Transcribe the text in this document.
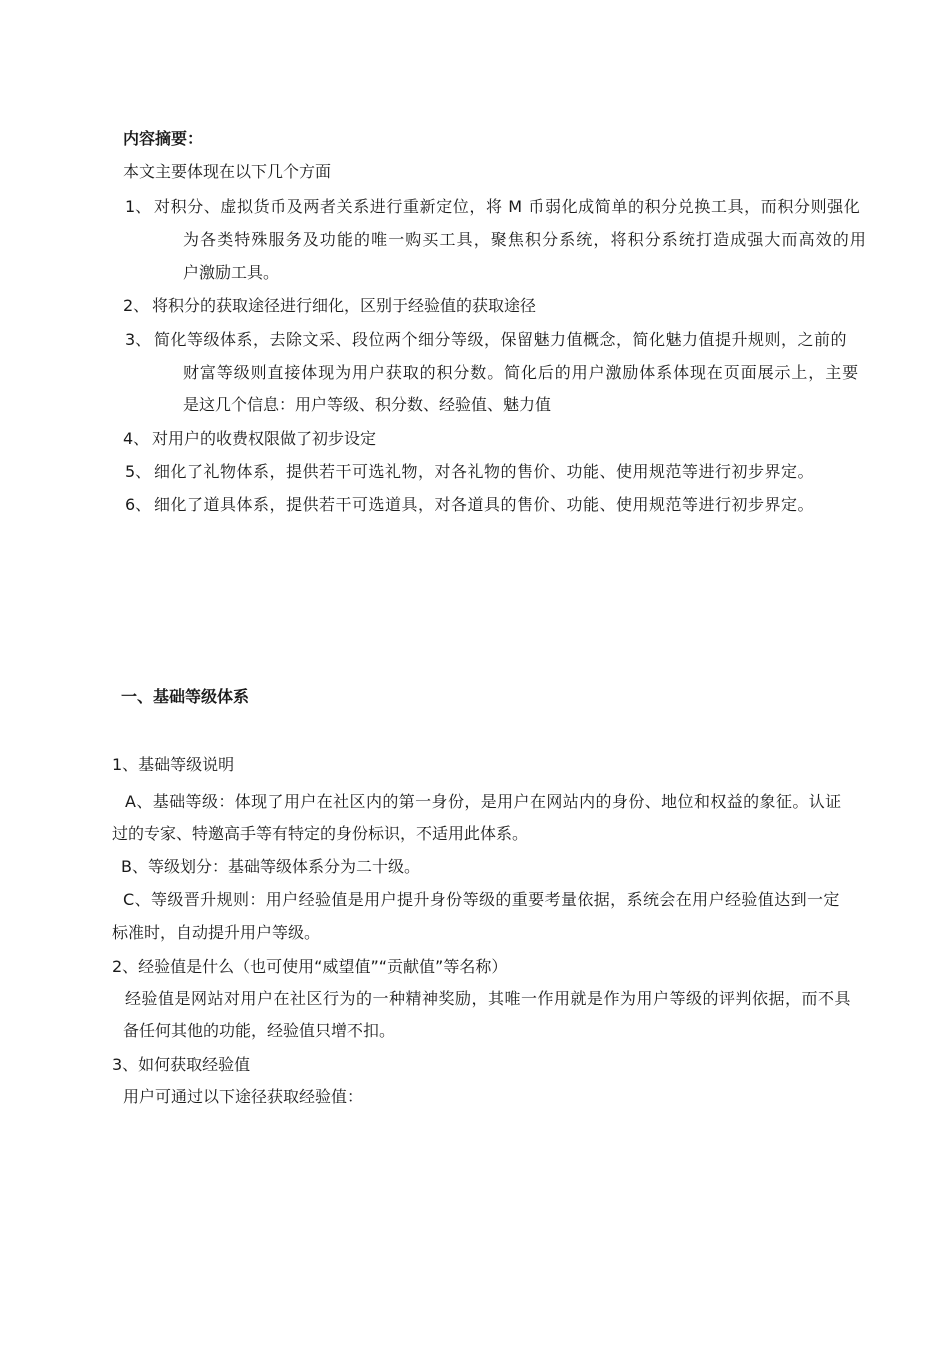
内容摘要：
本文主要体现在以下几个方面
1、 对积分、虚拟货币及两者关系进行重新定位，将 M 币弱化成简单的积分兑换工具，而积分则强化
为各类特殊服务及功能的唯一购买工具，聚焦积分系统，将积分系统打造成强大而高效的用
户激励工具。
2、 将积分的获取途径进行细化，区别于经验值的获取途径
3、 简化等级体系，去除文采、段位两个细分等级，保留魅力值概念，简化魅力值提升规则，之前的
财富等级则直接体现为用户获取的积分数。简化后的用户激励体系体现在页面展示上，主要
是这几个信息：用户等级、积分数、经验值、魅力值
4、 对用户的收费权限做了初步设定
5、 细化了礼物体系，提供若干可选礼物，对各礼物的售价、功能、使用规范等进行初步界定。
6、 细化了道具体系，提供若干可选道具，对各道具的售价、功能、使用规范等进行初步界定。
一、基础等级体系
1、基础等级说明
A、基础等级：体现了用户在社区内的第一身份，是用户在网站内的身份、地位和权益的象征。认证
过的专家、特邀高手等有特定的身份标识，不适用此体系。
B、等级划分：基础等级体系分为二十级。
C、等级晋升规则：用户经验值是用户提升身份等级的重要考量依据，系统会在用户经验值达到一定
标准时，自动提升用户等级。
2、经验值是什么（也可使用“威望值”“贡献值”等名称）
经验值是网站对用户在社区行为的一种精神奖励，其唯一作用就是作为用户等级的评判依据，而不具
备任何其他的功能，经验值只增不扣。
3、如何获取经验值
用户可通过以下途径获取经验值：
